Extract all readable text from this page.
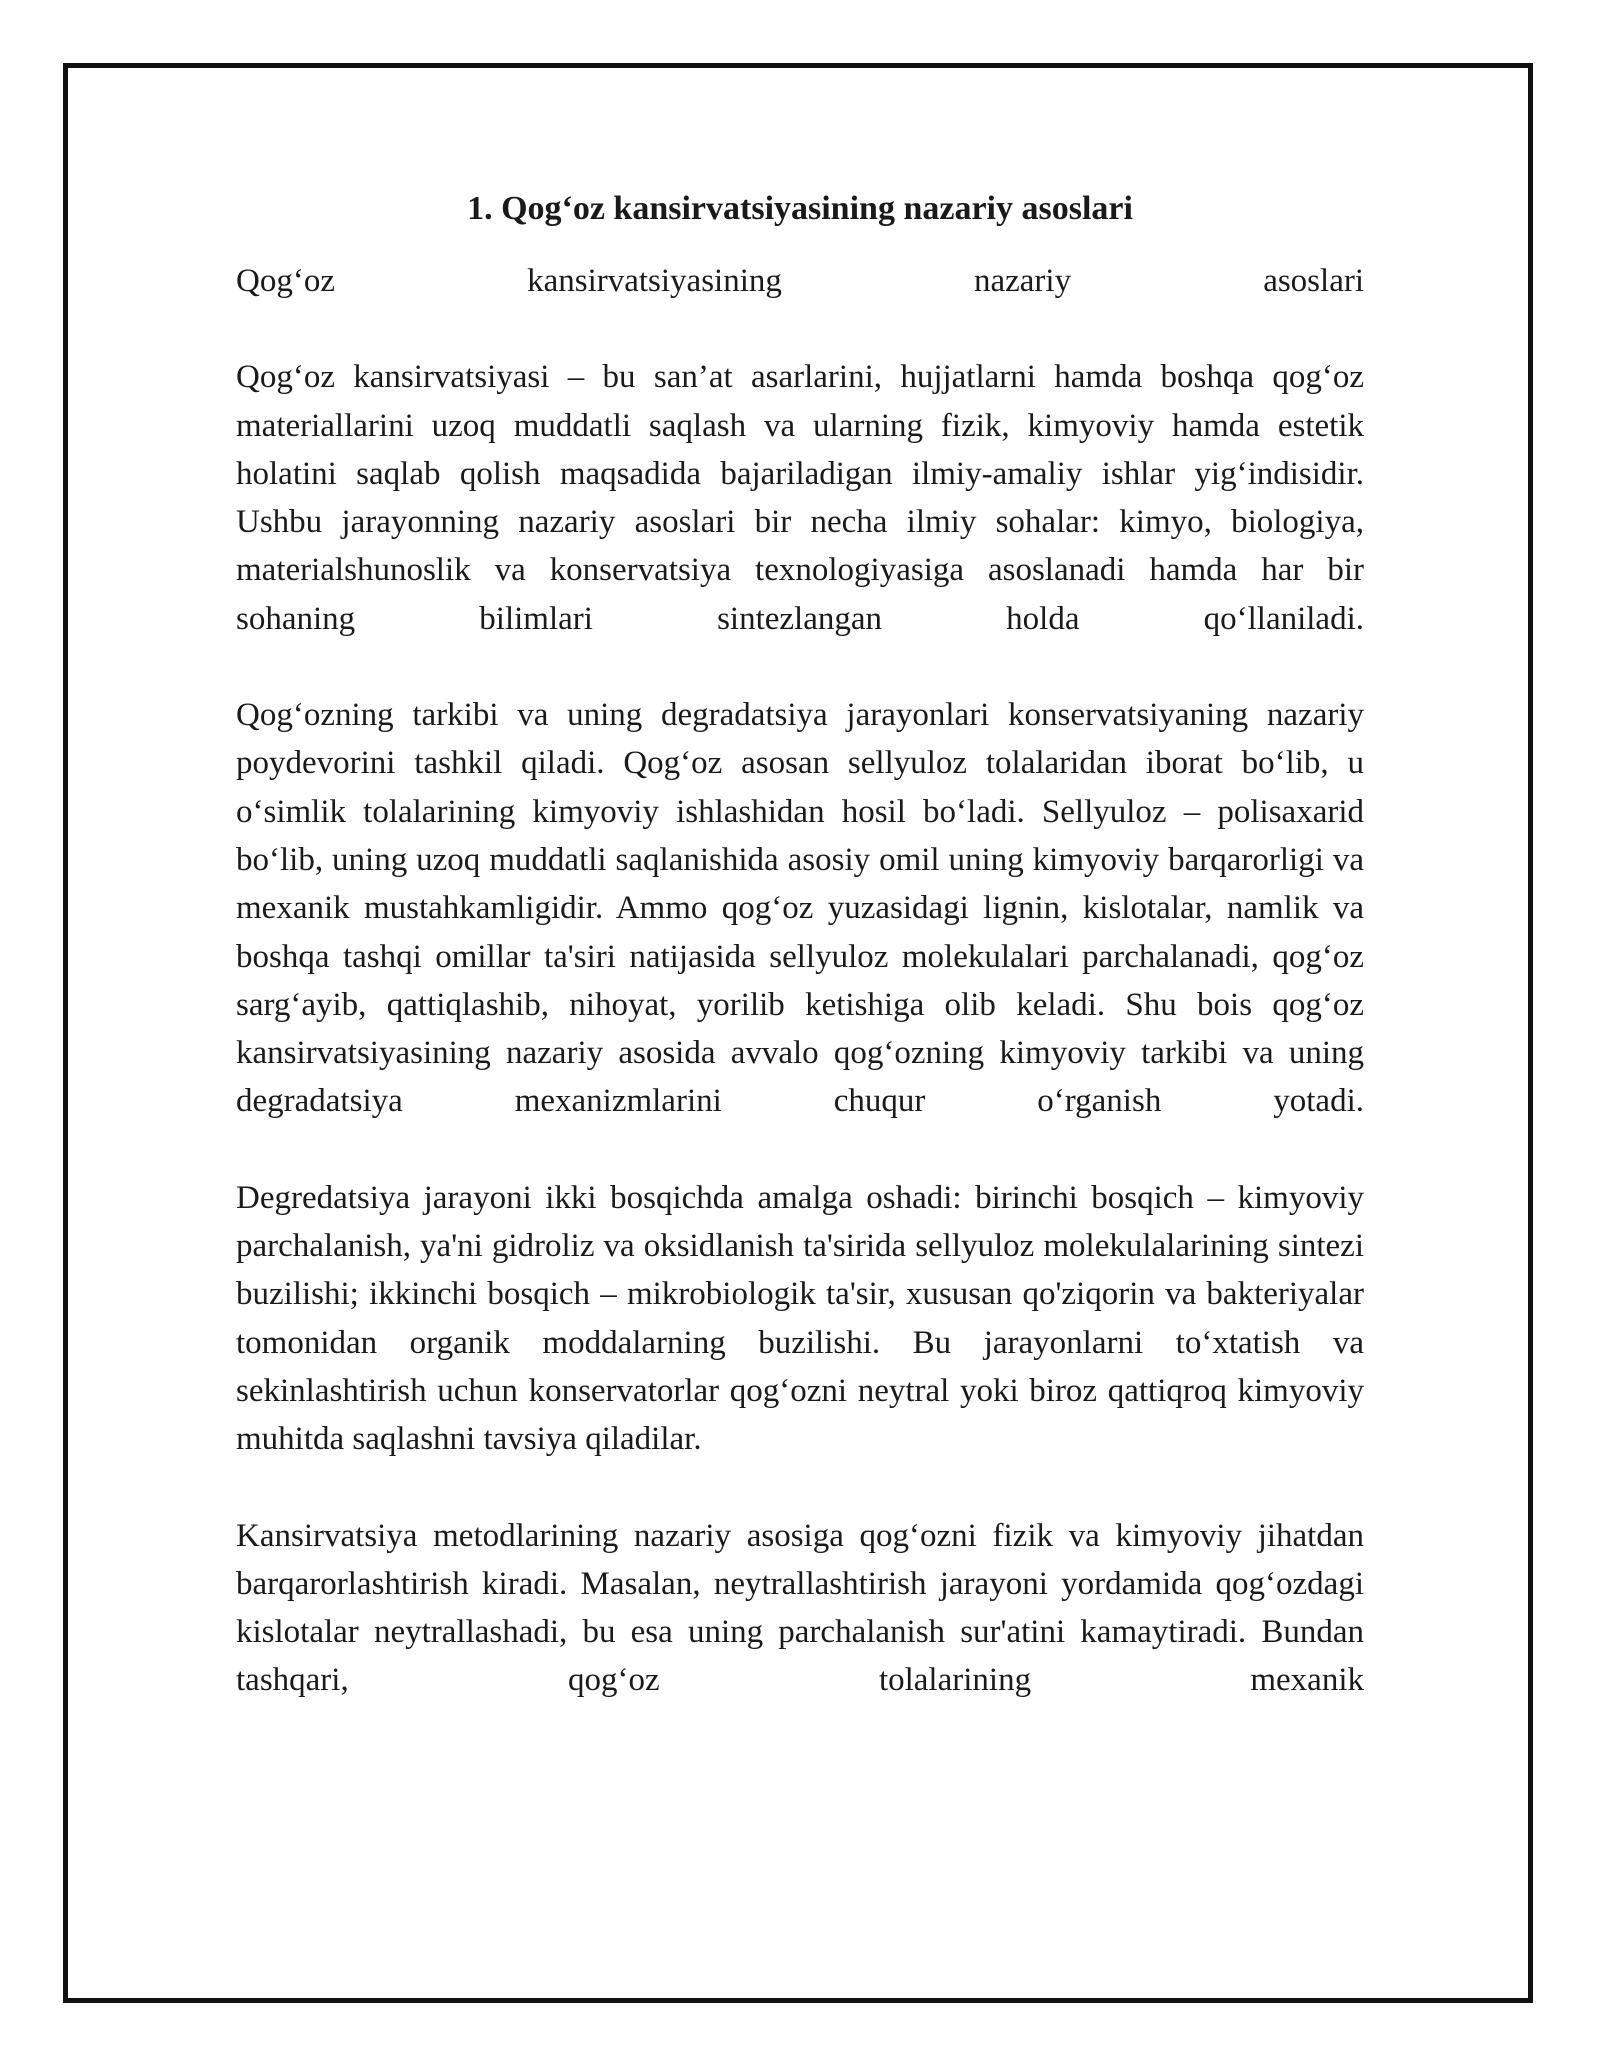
1. Qog‘oz kansirvatsiyasining nazariy asoslari

Qog‘oz kansirvatsiyasining nazariy asoslari

Qog‘oz kansirvatsiyasi – bu san’at asarlarini, hujjatlarni hamda boshqa qog‘oz materiallarini uzoq muddatli saqlash va ularning fizik, kimyoviy hamda estetik holatini saqlab qolish maqsadida bajariladigan ilmiy-amaliy ishlar yig‘indisidir. Ushbu jarayonning nazariy asoslari bir necha ilmiy sohalar: kimyo, biologiya, materialshunoslik va konservatsiya texnologiyasiga asoslanadi hamda har bir sohaning bilimlari sintezlangan holda qo‘llaniladi.

Qog‘ozning tarkibi va uning degradatsiya jarayonlari konservatsiyaning nazariy poydevorini tashkil qiladi. Qog‘oz asosan sellyuloz tolalaridan iborat bo‘lib, u o‘simlik tolalarining kimyoviy ishlashidan hosil bo‘ladi. Sellyuloz – polisaxarid bo‘lib, uning uzoq muddatli saqlanishida asosiy omil uning kimyoviy barqarorligi va mexanik mustahkamligidir. Ammo qog‘oz yuzasidagi lignin, kislotalar, namlik va boshqa tashqi omillar ta'siri natijasida sellyuloz molekulalari parchalanadi, qog‘oz sarg‘ayib, qattiqlashib, nihoyat, yorilib ketishiga olib keladi. Shu bois qog‘oz kansirvatsiyasining nazariy asosida avvalo qog‘ozning kimyoviy tarkibi va uning degradatsiya mexanizmlarini chuqur o‘rganish yotadi.

Degredatsiya jarayoni ikki bosqichda amalga oshadi: birinchi bosqich – kimyoviy parchalanish, ya'ni gidroliz va oksidlanish ta'sirida sellyuloz molekulalarining sintezi buzilishi; ikkinchi bosqich – mikrobiologik ta'sir, xususan qo'ziqorin va bakteriyalar tomonidan organik moddalarning buzilishi. Bu jarayonlarni to‘xtatish va sekinlashtirish uchun konservatorlar qog‘ozni neytral yoki biroz qattiqroq kimyoviy muhitda saqlashni tavsiya qiladilar.

Kansirvatsiya metodlarining nazariy asosiga qog‘ozni fizik va kimyoviy jihatdan barqarorlashtirish kiradi. Masalan, neytrallashtirish jarayoni yordamida qog‘ozdagi kislotalar neytrallashadi, bu esa uning parchalanish sur'atini kamaytiradi. Bundan tashqari, qog‘oz tolalarining mexanik
